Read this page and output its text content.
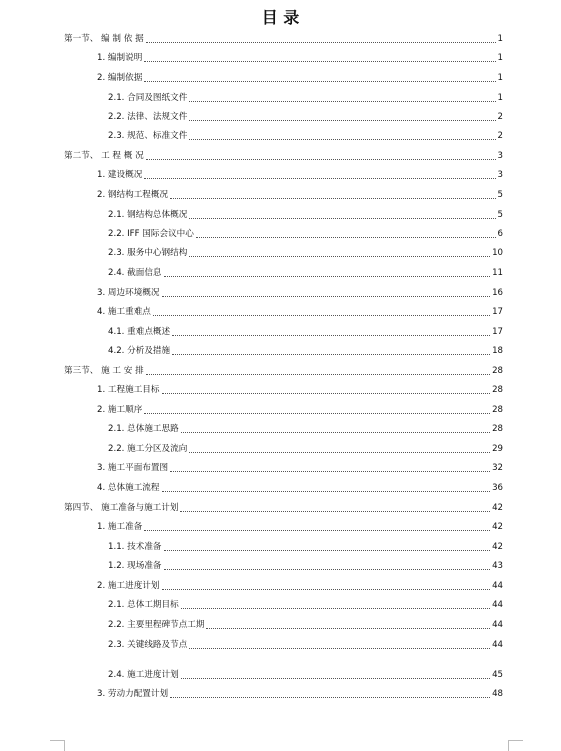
目 录
第一节、 编 制 依 据	1
1. 编制说明	1
2. 编制依据	1
2.1. 合同及图纸文件	1
2.2. 法律、法规文件	2
2.3. 规范、标准文件	2
第二节、 工 程 概 况	3
1. 建设概况	3
2. 钢结构工程概况	5
2.1. 钢结构总体概况	5
2.2. IFF 国际会议中心	6
2.3. 服务中心钢结构	10
2.4. 截面信息	11
3. 周边环境概况	16
4. 施工重难点	17
4.1. 重难点概述	17
4.2. 分析及措施	18
第三节、 施 工 安 排	28
1. 工程施工目标	28
2. 施工顺序	28
2.1. 总体施工思路	28
2.2. 施工分区及流向	29
3. 施工平面布置图	32
4. 总体施工流程	36
第四节、 施工准备与施工计划	42
1. 施工准备	42
1.1. 技术准备	42
1.2. 现场准备	43
2. 施工进度计划	44
2.1. 总体工期目标	44
2.2. 主要里程碑节点工期	44
2.3. 关键线路及节点	44
2.4. 施工进度计划	45
3. 劳动力配置计划	48
